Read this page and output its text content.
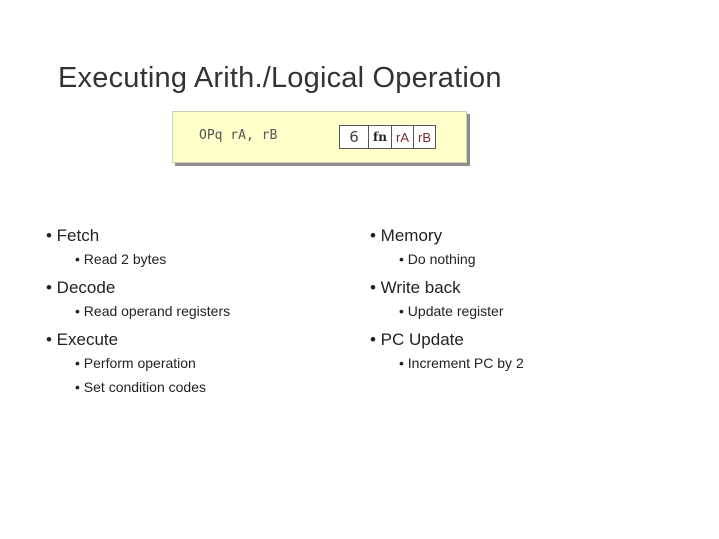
Executing Arith./Logical Operation
OPq rA, rB	6	fn rA rB
• Fetch
• Read 2 bytes
• Decode
• Read operand registers
• Execute
• Perform operation
• Set condition codes
• Memory
• Do nothing
• Write back
• Update register
• PC Update
• Increment PC by 2
